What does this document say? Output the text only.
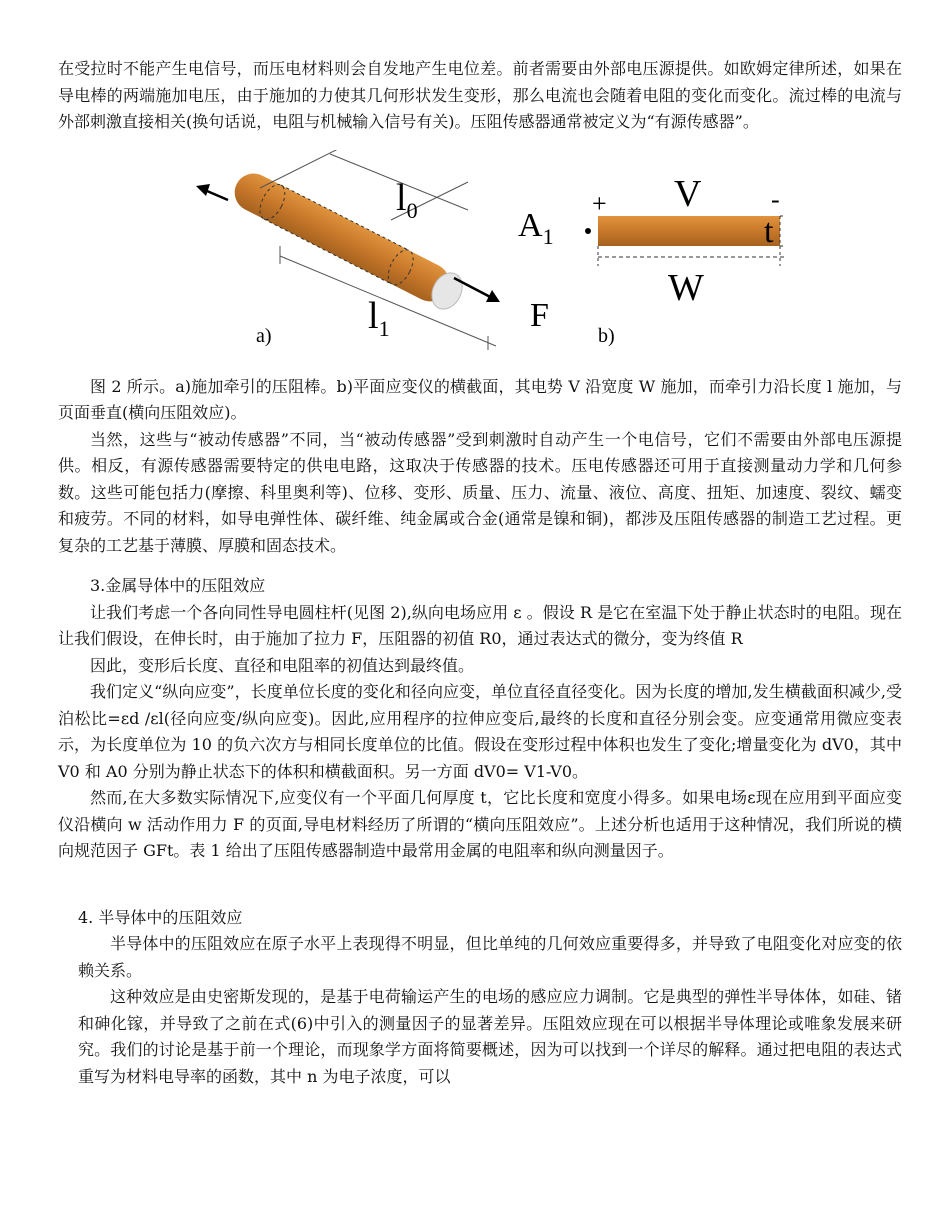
在受拉时不能产生电信号，而压电材料则会自发地产生电位差。前者需要由外部电压源提供。如欧姆定律所述，如果在导电棒的两端施加电压，由于施加的力使其几何形状发生变形，那么电流也会随着电阻的变化而变化。流过棒的电流与外部刺激直接相关(换句话说，电阻与机械输入信号有关)。压阻传感器通常被定义为“有源传感器”。

$l_0$
$l_1$
$A_1$
F
a)
+ V	-
t
W
b)

图 2 所示。a)施加牵引的压阻棒。b)平面应变仪的横截面，其电势 V 沿宽度 W 施加，而牵引力沿长度 l 施加，与页面垂直(横向压阻效应)。

当然，这些与“被动传感器”不同，当“被动传感器”受到刺激时自动产生一个电信号，它们不需要由外部电压源提供。相反，有源传感器需要特定的供电电路，这取决于传感器的技术。压电传感器还可用于直接测量动力学和几何参数。这些可能包括力(摩擦、科里奥利等)、位移、变形、质量、压力、流量、液位、高度、扭矩、加速度、裂纹、蠕变和疲劳。不同的材料，如导电弹性体、碳纤维、纯金属或合金(通常是镍和铜)，都涉及压阻传感器的制造工艺过程。更复杂的工艺基于薄膜、厚膜和固态技术。

3.金属导体中的压阻效应

让我们考虑一个各向同性导电圆柱杆(见图 2),纵向电场应用 ε 。假设 R 是它在室温下处于静止状态时的电阻。现在让我们假设，在伸长时，由于施加了拉力 F，压阻器的初值 R0，通过表达式的微分，变为终值 R

因此，变形后长度、直径和电阻率的初值达到最终值。

我们定义“纵向应变”，长度单位长度的变化和径向应变，单位直径直径变化。因为长度的增加,发生横截面积减少,受泊松比=εd /εl(径向应变/纵向应变)。因此,应用程序的拉伸应变后,最终的长度和直径分别会变。应变通常用微应变表示，为长度单位为 10 的负六次方与相同长度单位的比值。假设在变形过程中体积也发生了变化;增量变化为 dV0，其中 V0 和 A0 分别为静止状态下的体积和横截面积。另一方面 dV0= V1-V0。

然而,在大多数实际情况下,应变仪有一个平面几何厚度 t，它比长度和宽度小得多。如果电场ε现在应用到平面应变仪沿横向 w 活动作用力 F 的页面,导电材料经历了所谓的“横向压阻效应”。上述分析也适用于这种情况，我们所说的横向规范因子 GFt。表 1 给出了压阻传感器制造中最常用金属的电阻率和纵向测量因子。

4. 半导体中的压阻效应

半导体中的压阻效应在原子水平上表现得不明显，但比单纯的几何效应重要得多，并导致了电阻变化对应变的依赖关系。

这种效应是由史密斯发现的，是基于电荷输运产生的电场的感应应力调制。它是典型的弹性半导体体，如硅、锗和砷化镓，并导致了之前在式(6)中引入的测量因子的显著差异。压阻效应现在可以根据半导体理论或唯象发展来研究。我们的讨论是基于前一个理论，而现象学方面将简要概述，因为可以找到一个详尽的解释。通过把电阻的表达式重写为材料电导率的函数，其中 n 为电子浓度，可以
